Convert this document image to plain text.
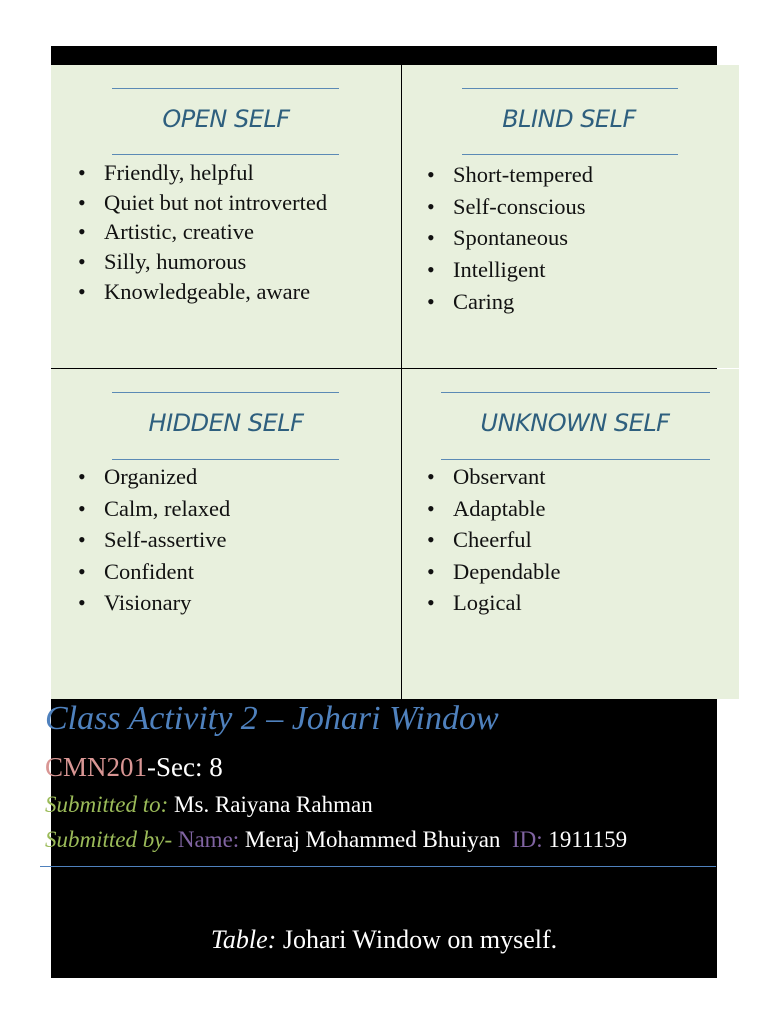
OPEN SELF
• Friendly, helpful
• Quiet but not introverted
• Artistic, creative
• Silly, humorous
• Knowledgeable, aware
BLIND SELF
• Short-tempered
• Self-conscious
• Spontaneous
• Intelligent
• Caring
HIDDEN SELF
• Organized
• Calm, relaxed
• Self-assertive
• Confident
• Visionary
UNKNOWN SELF
• Observant
• Adaptable
• Cheerful
• Dependable
• Logical
Class Activity 2 – Johari Window
CMN201-Sec: 8
Submitted to: Ms. Raiyana Rahman
Submitted by- Name: Meraj Mohammed Bhuiyan  ID: 1911159
Table: Johari Window on myself.
